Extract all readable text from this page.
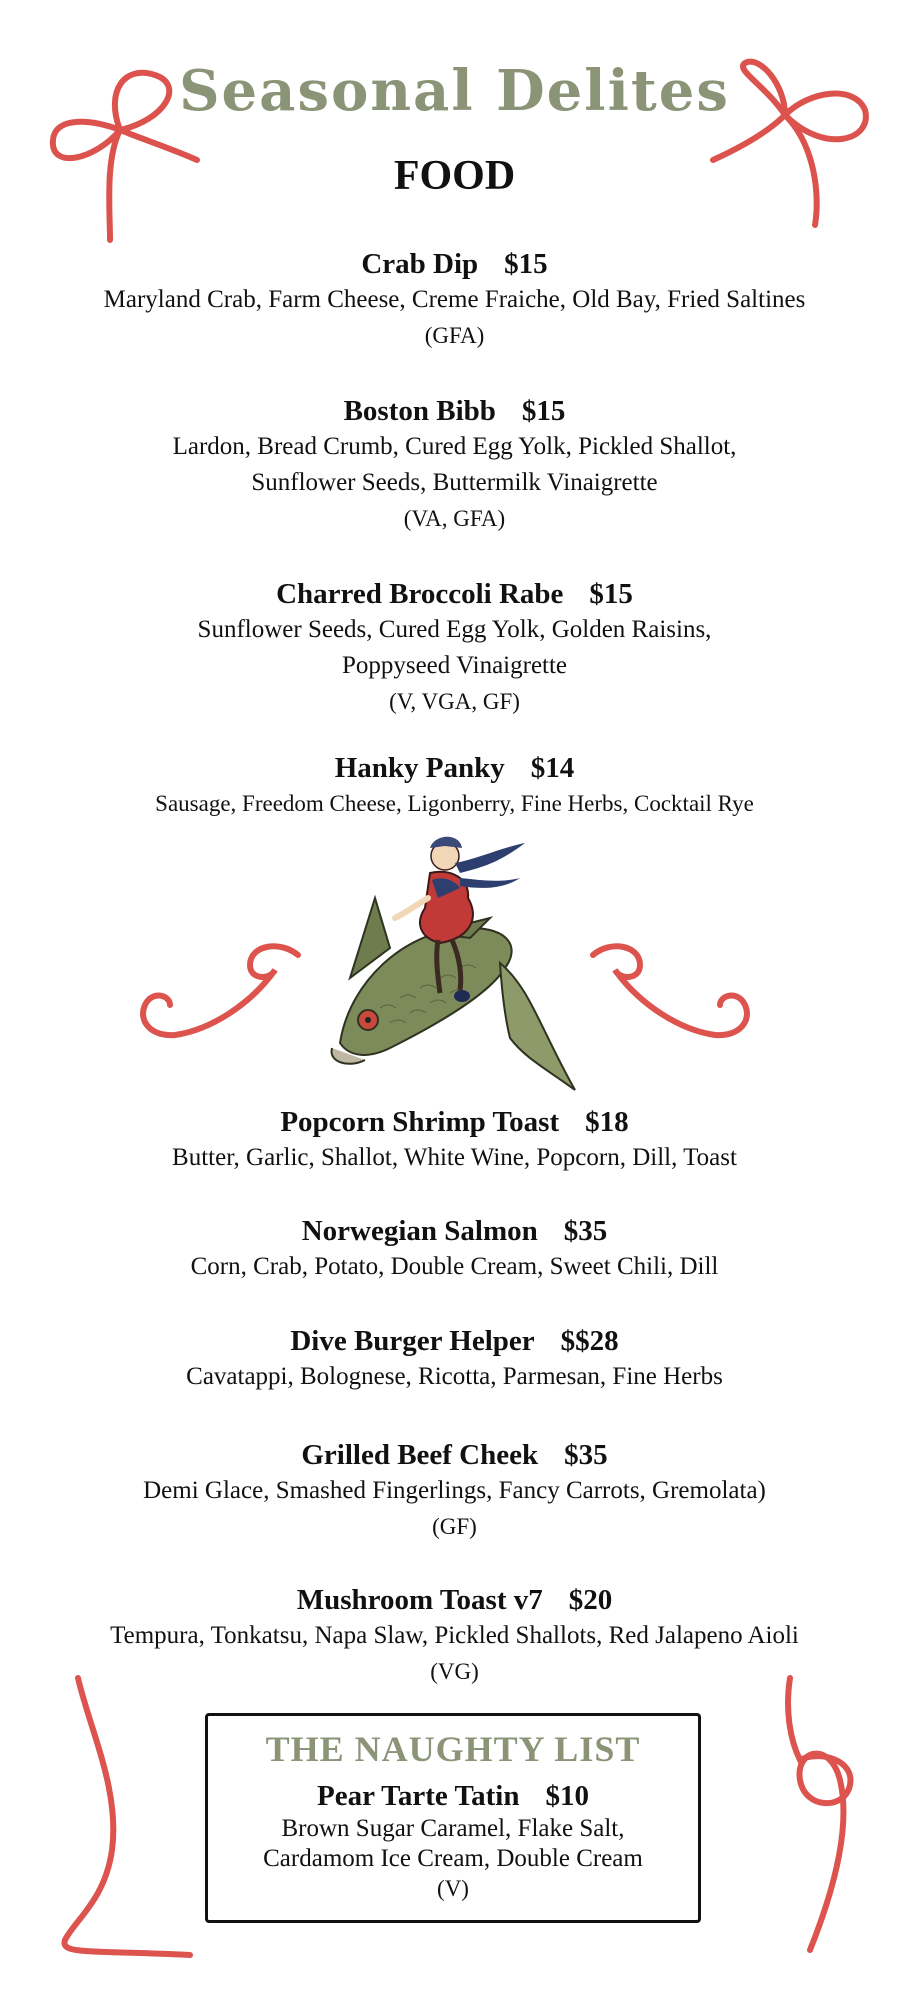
Seasonal Delites
FOOD
Crab Dip $15
Maryland Crab, Farm Cheese, Creme Fraiche, Old Bay, Fried Saltines
(GFA)
Boston Bibb $15
Lardon, Bread Crumb, Cured Egg Yolk, Pickled Shallot,
Sunflower Seeds, Buttermilk Vinaigrette
(VA, GFA)
Charred Broccoli Rabe $15
Sunflower Seeds, Cured Egg Yolk, Golden Raisins,
Poppyseed Vinaigrette
(V, VGA, GF)
Hanky Panky $14
Sausage, Freedom Cheese, Ligonberry, Fine Herbs, Cocktail Rye
Popcorn Shrimp Toast $18
Butter, Garlic, Shallot, White Wine, Popcorn, Dill, Toast
Norwegian Salmon $35
Corn, Crab, Potato, Double Cream, Sweet Chili, Dill
Dive Burger Helper $$28
Cavatappi, Bolognese, Ricotta, Parmesan, Fine Herbs
Grilled Beef Cheek $35
Demi Glace, Smashed Fingerlings, Fancy Carrots, Gremolata)
(GF)
Mushroom Toast v7 $20
Tempura, Tonkatsu, Napa Slaw, Pickled Shallots, Red Jalapeno Aioli
(VG)
THE NAUGHTY LIST
Pear Tarte Tatin $10
Brown Sugar Caramel, Flake Salt,
Cardamom Ice Cream, Double Cream
(V)
